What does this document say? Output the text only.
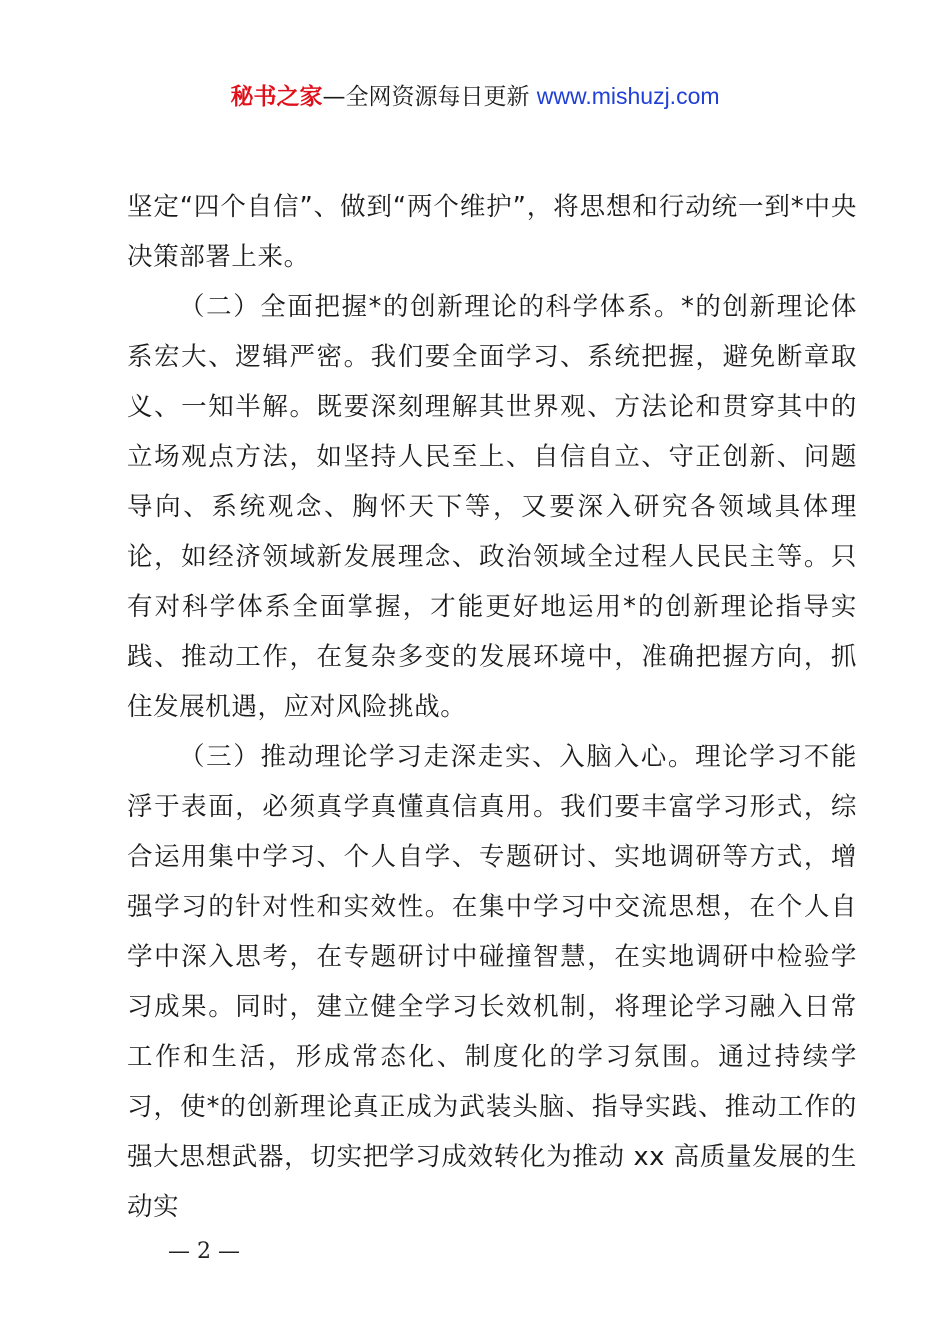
秘书之家—全网资源每日更新 www.mishuzj.com

坚定“四个自信”、做到“两个维护”，将思想和行动统一到*中央决策部署上来。

（二）全面把握*的创新理论的科学体系。*的创新理论体系宏大、逻辑严密。我们要全面学习、系统把握，避免断章取义、一知半解。既要深刻理解其世界观、方法论和贯穿其中的立场观点方法，如坚持人民至上、自信自立、守正创新、问题导向、系统观念、胸怀天下等，又要深入研究各领域具体理论，如经济领域新发展理念、政治领域全过程人民民主等。只有对科学体系全面掌握，才能更好地运用*的创新理论指导实践、推动工作，在复杂多变的发展环境中，准确把握方向，抓住发展机遇，应对风险挑战。

（三）推动理论学习走深走实、入脑入心。理论学习不能浮于表面，必须真学真懂真信真用。我们要丰富学习形式，综合运用集中学习、个人自学、专题研讨、实地调研等方式，增强学习的针对性和实效性。在集中学习中交流思想，在个人自学中深入思考，在专题研讨中碰撞智慧，在实地调研中检验学习成果。同时，建立健全学习长效机制，将理论学习融入日常工作和生活，形成常态化、制度化的学习氛围。通过持续学习，使*的创新理论真正成为武装头脑、指导实践、推动工作的强大思想武器，切实把学习成效转化为推动 xx 高质量发展的生动实

— 2 —
